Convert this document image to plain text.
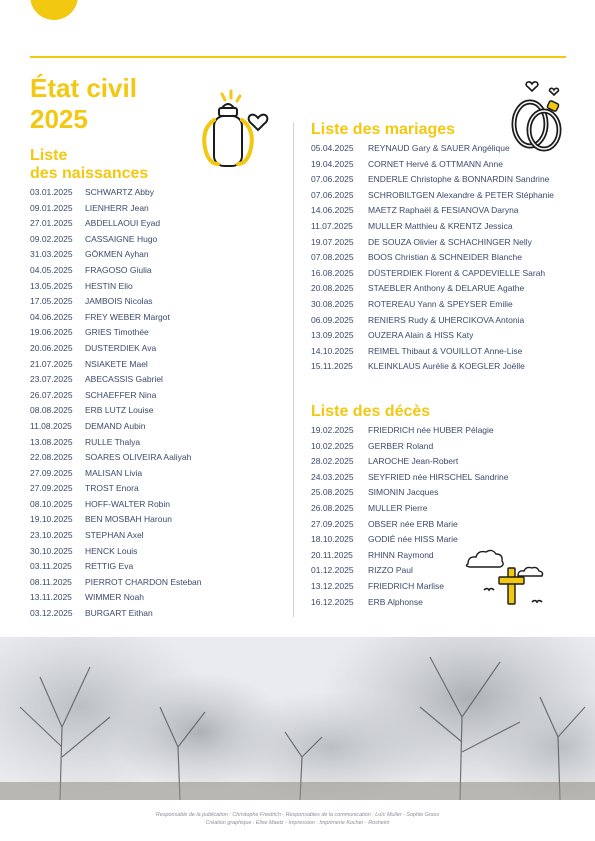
État civil
2025
Liste
des naissances
03.01.2025	SCHWARTZ Abby
09.01.2025	LIENHERR Jean
27.01.2025	ABDELLAOUI Eyad
09.02.2025	CASSAIGNE Hugo
31.03.2025	GÖKMEN Ayhan
04.05.2025	FRAGOSO Giulia
13.05.2025	HESTIN Elio
17.05.2025	JAMBOIS Nicolas
04.06.2025	FREY WEBER Margot
19.06.2025	GRIES Timothée
20.06.2025	DUSTERDIEK Ava
21.07.2025	NSIAKETE Mael
23.07.2025	ABECASSIS Gabriel
26.07.2025	SCHAEFFER Nina
08.08.2025	ERB LUTZ Louise
11.08.2025	DEMAND Aubin
13.08.2025	RULLE Thalya
22.08.2025	SOARES OLIVEIRA Aaliyah
27.09.2025	MALISAN Livia
27.09.2025	TROST Enora
08.10.2025	HOFF-WALTER Robin
19.10.2025	BEN MOSBAH Haroun
23.10.2025	STEPHAN Axel
30.10.2025	HENCK Louis
03.11.2025	RETTIG Eva
08.11.2025	PIERROT CHARDON Esteban
13.11.2025	WIMMER Noah
03.12.2025	BURGART Eithan
Liste des mariages
05.04.2025	REYNAUD Gary & SAUER Angélique
19.04.2025	CORNET Hervé & OTTMANN Anne
07.06.2025	ENDERLE Christophe & BONNARDIN Sandrine
07.06.2025	SCHROBILTGEN Alexandre & PETER Stéphanie
14.06.2025	MAETZ Raphaël & FESIANOVA Daryna
11.07.2025	MULLER Matthieu & KRENTZ Jessica
19.07.2025	DE SOUZA Olivier & SCHACHINGER Nelly
07.08.2025	BOOS Christian & SCHNEIDER Blanche
16.08.2025	DÜSTERDIEK Florent & CAPDEVIELLE Sarah
20.08.2025	STAEBLER Anthony & DELARUE Agathe
30.08.2025	ROTEREAU Yann & SPEYSER Emilie
06.09.2025	RENIERS Rudy & UHERCIKOVA Antonia
13.09.2025	OUZERA Alain & HISS Katy
14.10.2025	REIMEL Thibaut & VOUILLOT Anne-Lise
15.11.2025	KLEINKLAUS Aurélie & KOEGLER Joëlle
Liste des décès
19.02.2025	FRIEDRICH née HUBER Pélagie
10.02.2025	GERBER Roland
28.02.2025	LAROCHE Jean-Robert
24.03.2025	SEYFRIED née HIRSCHEL Sandrine
25.08.2025	SIMONIN Jacques
26.08.2025	MULLER Pierre
27.09.2025	OBSER née ERB Marie
18.10.2025	GODIÉ née HISS Marie
20.11.2025	RHINN Raymond
01.12.2025	RIZZO Paul
13.12.2025	FRIEDRICH Marlise
16.12.2025	ERB Alphonse

Responsable de la publication : Christophe Friedrich - Responsables de la communication : Loïc Muller - Sophie Grass

Création graphique : Elise Maetz - Impression : Imprimerie Kocher - Rosheim
